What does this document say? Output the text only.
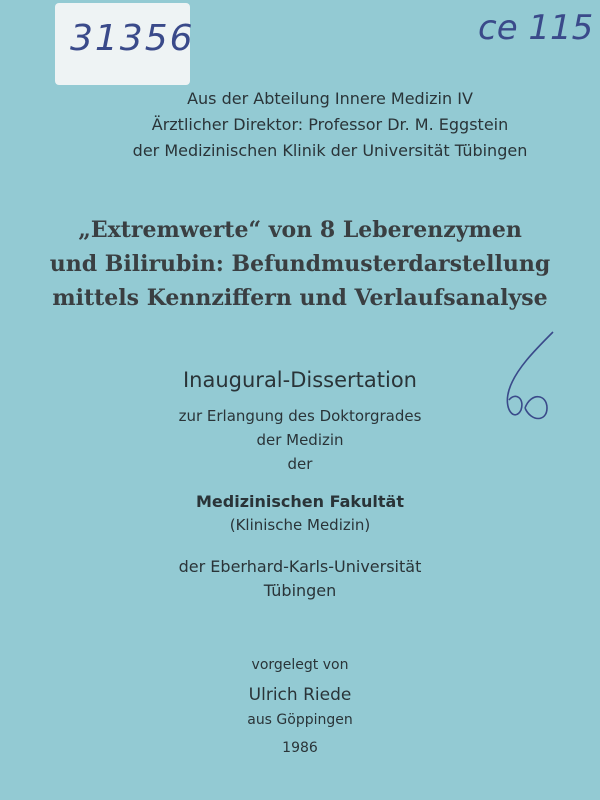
31356	ce 115
Aus der Abteilung Innere Medizin IV
Ärztlicher Direktor: Professor Dr. M. Eggstein
der Medizinischen Klinik der Universität Tübingen
„Extremwerte“ von 8 Leberenzymen
und Bilirubin: Befundmusterdarstellung
mittels Kennziffern und Verlaufsanalyse
Inaugural-Dissertation
zur Erlangung des Doktorgrades
der Medizin
der
Medizinischen Fakultät
(Klinische Medizin)
der Eberhard-Karls-Universität
Tübingen
vorgelegt von
Ulrich Riede
aus Göppingen
1986
